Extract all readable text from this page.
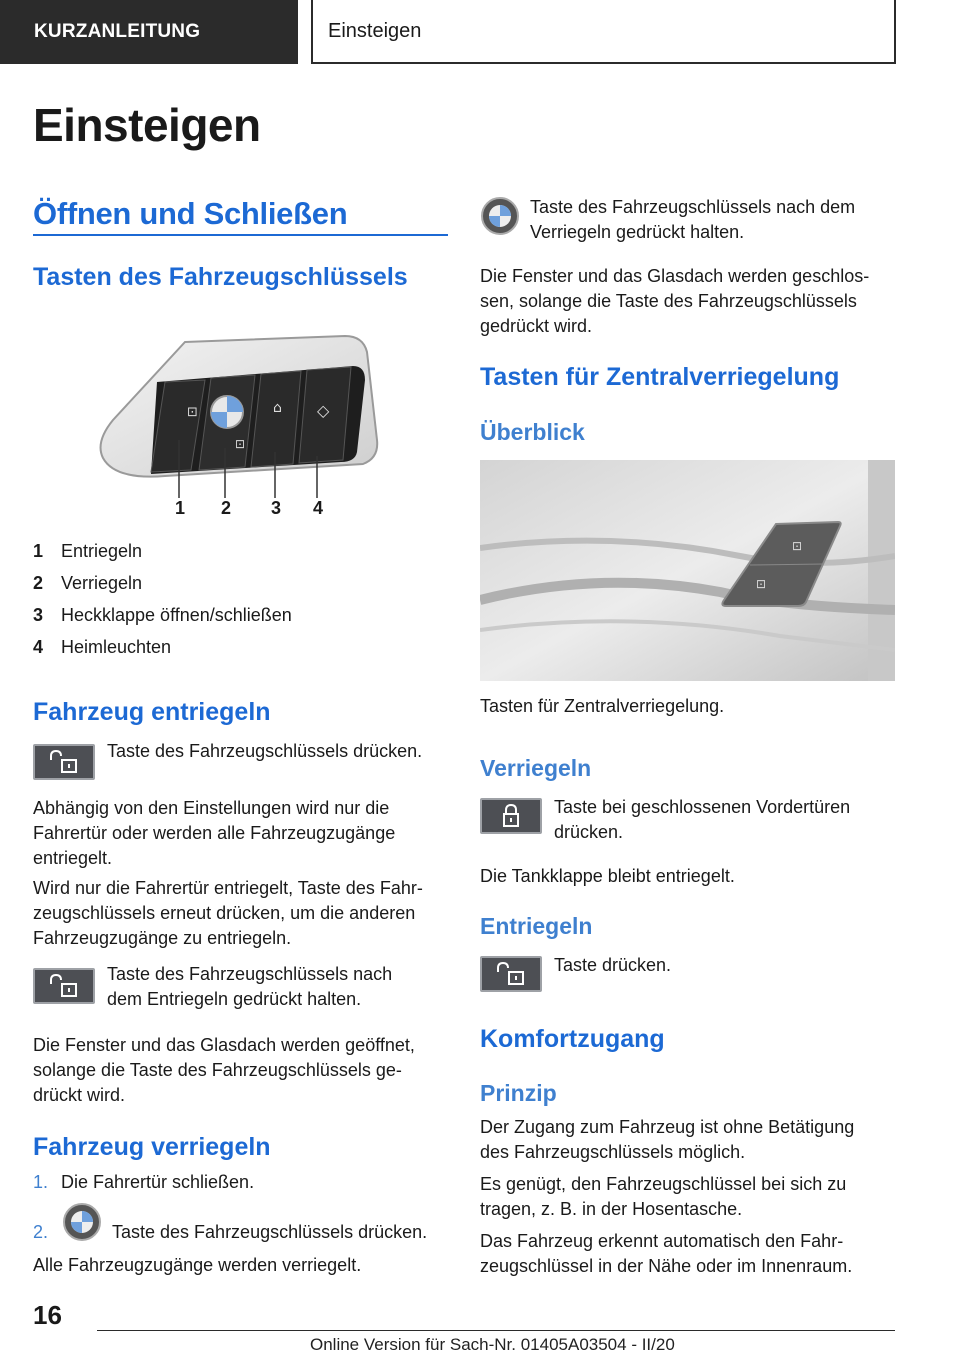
KURZANLEITUNG	Einsteigen
Einsteigen
Öffnen und Schließen
Tasten des Fahrzeugschlüssels
⊡
⊡
⌂ ◇
1 2 3 4
1 Entriegeln
2 Verriegeln
3 Heckklappe öffnen/schließen
4 Heimleuchten
Fahrzeug entriegeln
Taste des Fahrzeugschlüssels drücken.
Abhängig von den Einstellungen wird nur die
Fahrertür oder werden alle Fahrzeugzugänge
entriegelt.
Wird nur die Fahrertür entriegelt, Taste des Fahr-
zeugschlüssels erneut drücken, um die anderen
Fahrzeugzugänge zu entriegeln.
Taste des Fahrzeugschlüssels nach
dem Entriegeln gedrückt halten.
Die Fenster und das Glasdach werden geöffnet,
solange die Taste des Fahrzeugschlüssels ge-
drückt wird.
Fahrzeug verriegeln
1. Die Fahrertür schließen.
2.	Taste des Fahrzeugschlüssels drücken.
Alle Fahrzeugzugänge werden verriegelt.
Taste des Fahrzeugschlüssels nach dem
Verriegeln gedrückt halten.
Die Fenster und das Glasdach werden geschlos-
sen, solange die Taste des Fahrzeugschlüssels
gedrückt wird.
Tasten für Zentralverriegelung
Überblick
⊡
⊡
Tasten für Zentralverriegelung.
Verriegeln
Taste bei geschlossenen Vordertüren
drücken.
Die Tankklappe bleibt entriegelt.
Entriegeln
Taste drücken.
Komfortzugang
Prinzip
Der Zugang zum Fahrzeug ist ohne Betätigung
des Fahrzeugschlüssels möglich.
Es genügt, den Fahrzeugschlüssel bei sich zu
tragen, z. B. in der Hosentasche.
Das Fahrzeug erkennt automatisch den Fahr-
zeugschlüssel in der Nähe oder im Innenraum.
16
Online Version für Sach-Nr. 01405A03504 - II/20
